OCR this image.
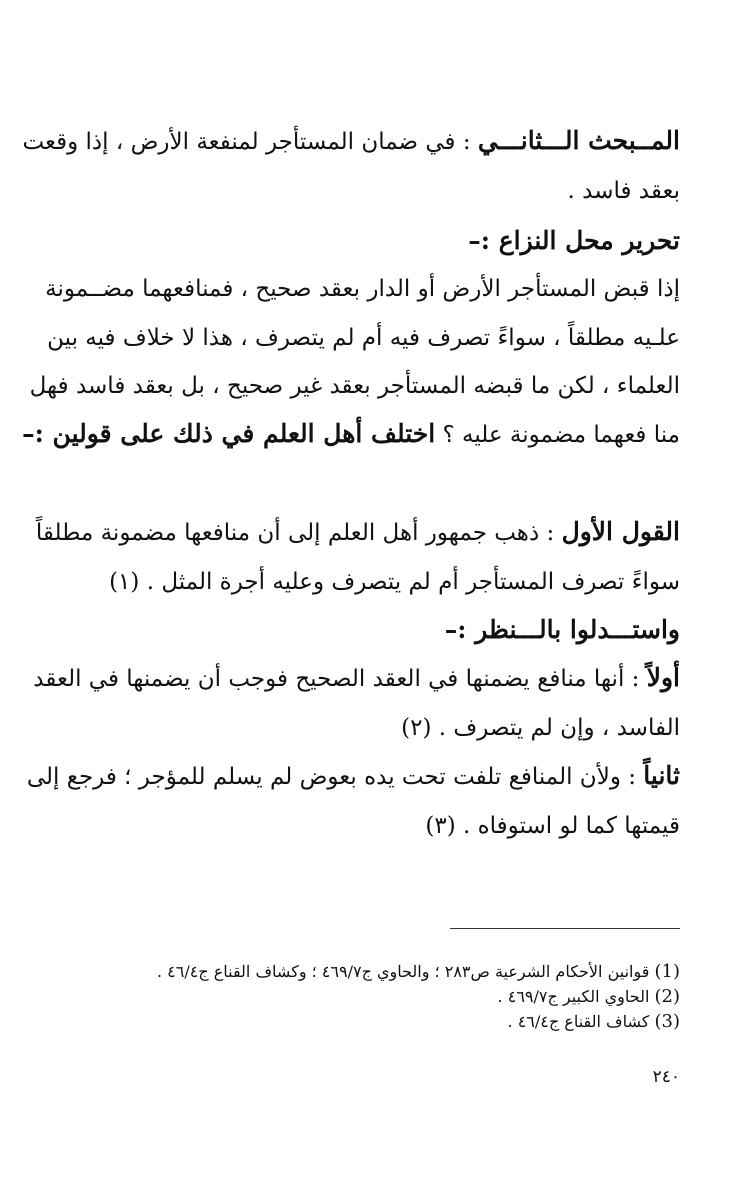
المــبحث الـــثانـــي : في ضمان المستأجر لمنفعة الأرض ، إذا وقعت
بعقد فاسد .
تحرير محل النزاع :–
إذا قبض المستأجر الأرض أو الدار بعقد صحيح ، فمنافعهما مضــمونة
علـيه مطلقاً ، سواءً تصرف فيه أم لم يتصرف ، هذا لا خلاف فيه بين
العلماء ، لكن ما قبضه المستأجر بعقد غير صحيح ، بل بعقد فاسد فهل
منا فعهما مضمونة عليه ؟ اختلف أهل العلم في ذلك على قولين :–
القول الأول : ذهب جمهور أهل العلم إلى أن منافعها مضمونة مطلقاً
سواءً تصرف المستأجر أم لم يتصرف وعليه أجرة المثل . (١)
واستـــدلوا بالـــنظر :–
أولاً : أنها منافع يضمنها في العقد الصحيح فوجب أن يضمنها في العقد
الفاسد ، وإن لم يتصرف . (٢)
ثانياً : ولأن المنافع تلفت تحت يده بعوض لم يسلم للمؤجر ؛ فرجع إلى
قيمتها كما لو استوفاه . (٣)
(1) قوانين الأحكام الشرعية ص٢٨٣ ؛ والحاوي ج٤٦٩/٧ ؛ وكشاف القناع ج٤٦/٤ .
(2) الحاوي الكبير ج٤٦٩/٧ .
(3) كشاف القناع ج٤٦/٤ .
٢٤٠
